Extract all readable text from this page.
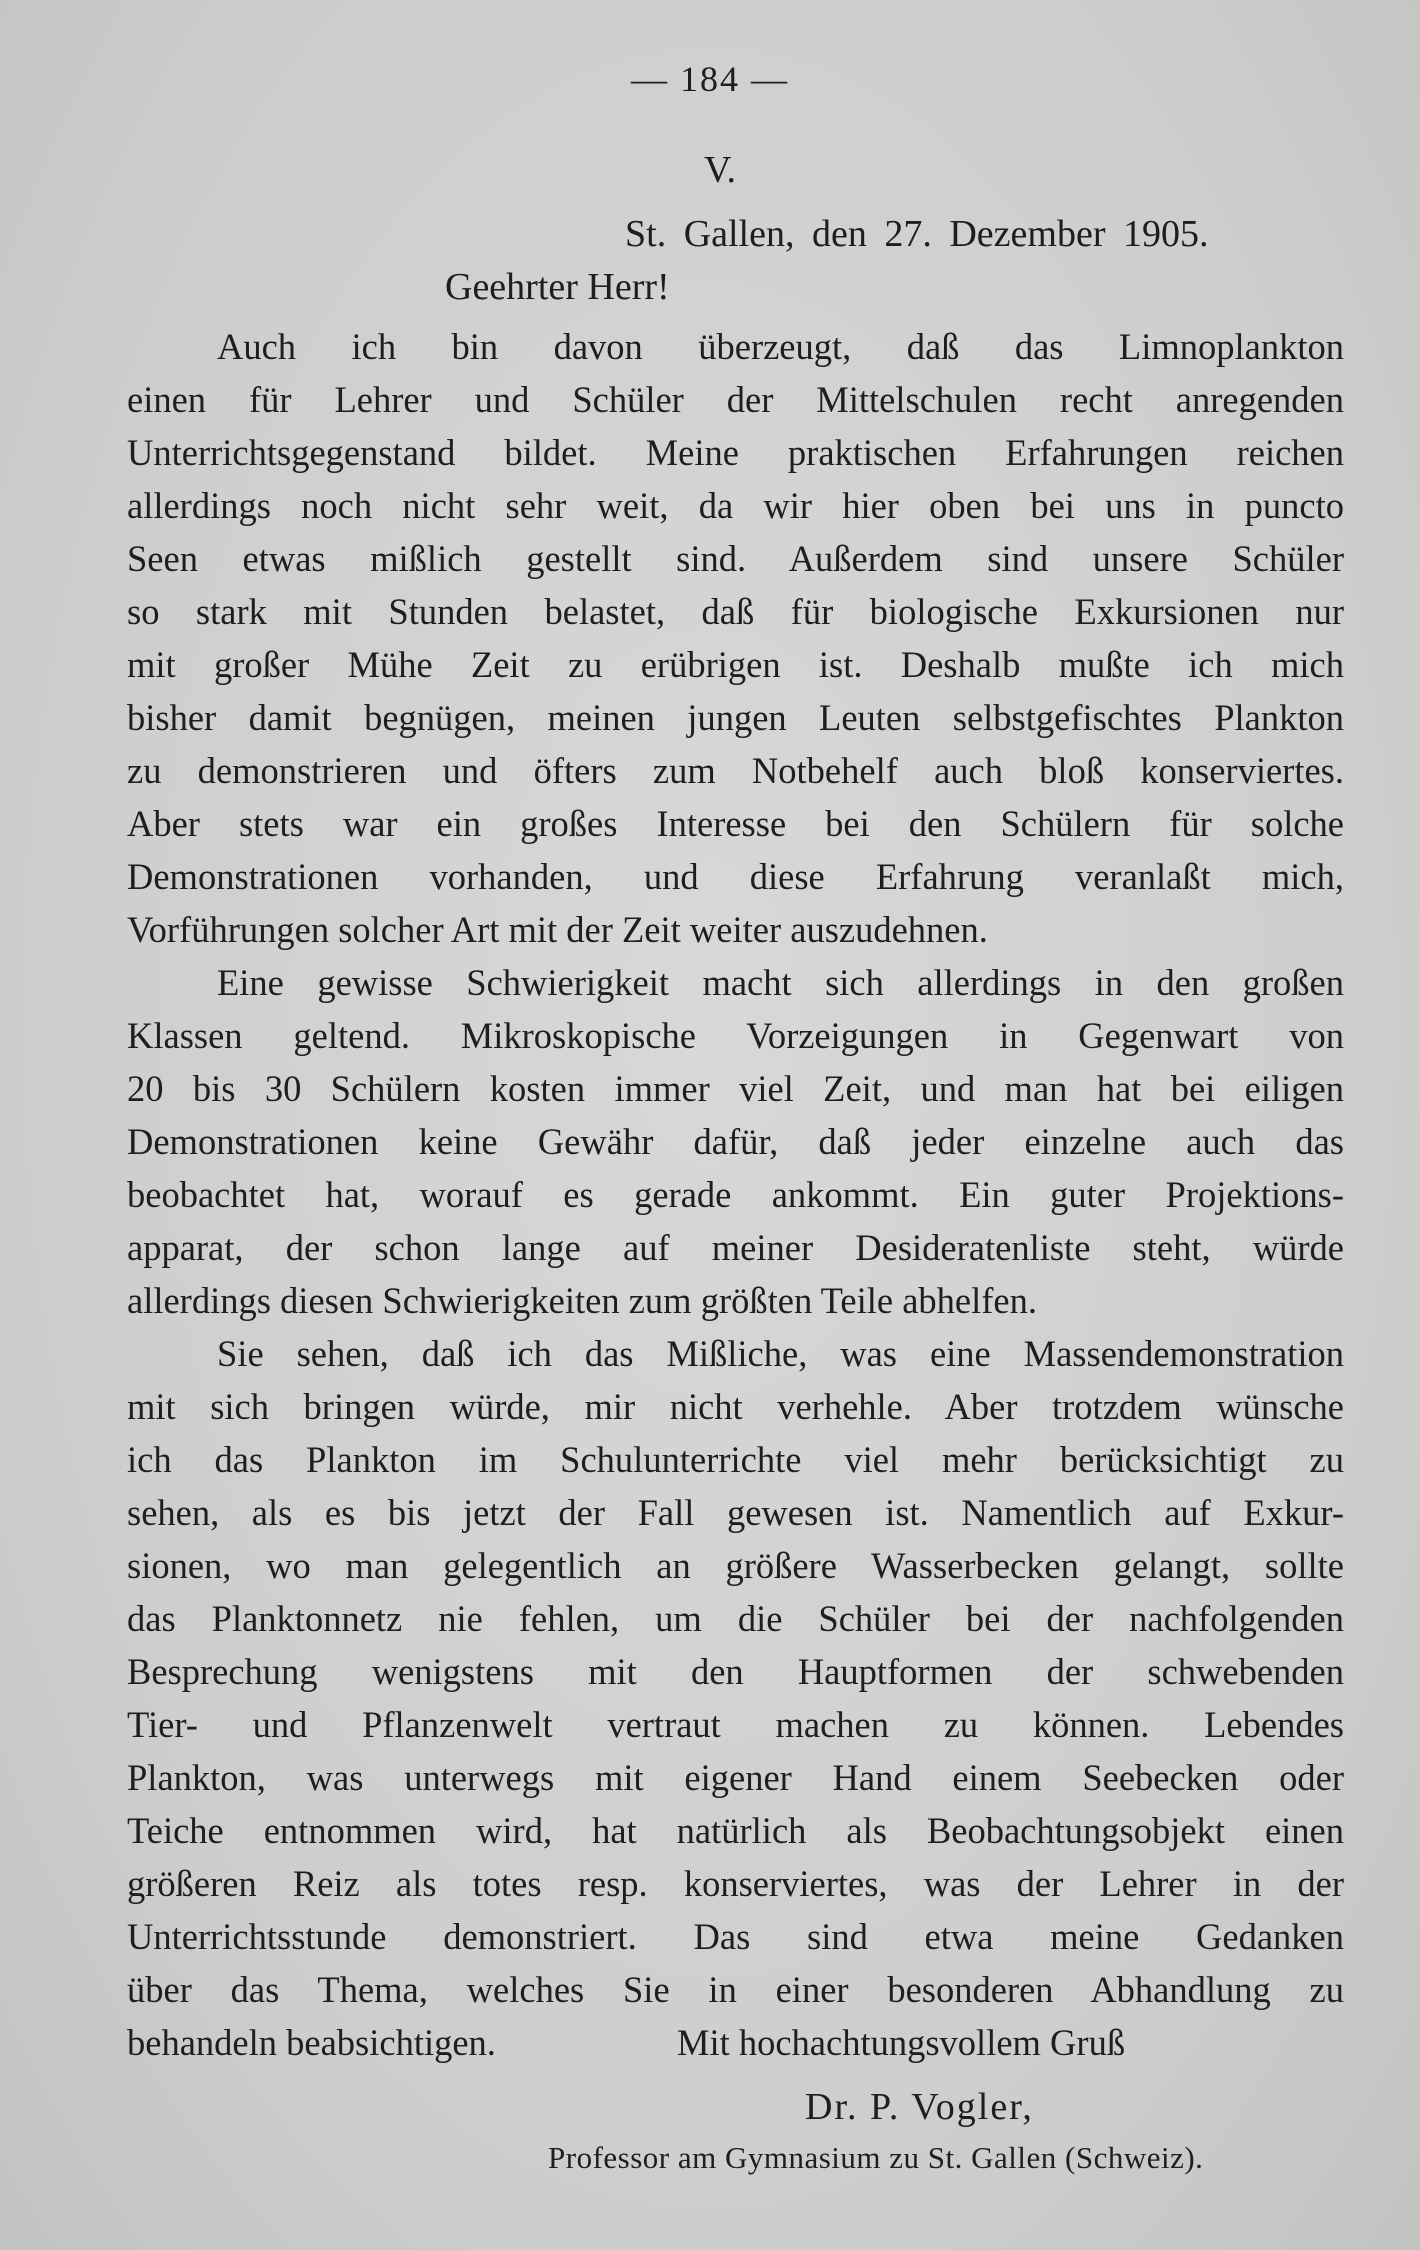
— 184 —
V.
St. Gallen, den 27. Dezember 1905.
Geehrter Herr!
Auch ich bin davon überzeugt, daß das Limnoplankton
einen für Lehrer und Schüler der Mittelschulen recht anregenden
Unterrichtsgegenstand bildet. Meine praktischen Erfahrungen reichen
allerdings noch nicht sehr weit, da wir hier oben bei uns in puncto
Seen etwas mißlich gestellt sind. Außerdem sind unsere Schüler
so stark mit Stunden belastet, daß für biologische Exkursionen nur
mit großer Mühe Zeit zu erübrigen ist. Deshalb mußte ich mich
bisher damit begnügen, meinen jungen Leuten selbstgefischtes Plankton
zu demonstrieren und öfters zum Notbehelf auch bloß konserviertes.
Aber stets war ein großes Interesse bei den Schülern für solche
Demonstrationen vorhanden, und diese Erfahrung veranlaßt mich,
Vorführungen solcher Art mit der Zeit weiter auszudehnen.
Eine gewisse Schwierigkeit macht sich allerdings in den großen
Klassen geltend. Mikroskopische Vorzeigungen in Gegenwart von
20 bis 30 Schülern kosten immer viel Zeit, und man hat bei eiligen
Demonstrationen keine Gewähr dafür, daß jeder einzelne auch das
beobachtet hat, worauf es gerade ankommt. Ein guter Projektions-
apparat, der schon lange auf meiner Desideratenliste steht, würde
allerdings diesen Schwierigkeiten zum größten Teile abhelfen.
Sie sehen, daß ich das Mißliche, was eine Massendemonstration
mit sich bringen würde, mir nicht verhehle. Aber trotzdem wünsche
ich das Plankton im Schulunterrichte viel mehr berücksichtigt zu
sehen, als es bis jetzt der Fall gewesen ist. Namentlich auf Exkur-
sionen, wo man gelegentlich an größere Wasserbecken gelangt, sollte
das Planktonnetz nie fehlen, um die Schüler bei der nachfolgenden
Besprechung wenigstens mit den Hauptformen der schwebenden
Tier- und Pflanzenwelt vertraut machen zu können. Lebendes
Plankton, was unterwegs mit eigener Hand einem Seebecken oder
Teiche entnommen wird, hat natürlich als Beobachtungsobjekt einen
größeren Reiz als totes resp. konserviertes, was der Lehrer in der
Unterrichtsstunde demonstriert. Das sind etwa meine Gedanken
über das Thema, welches Sie in einer besonderen Abhandlung zu
behandeln beabsichtigen.	Mit hochachtungsvollem Gruß
Dr. P. Vogler,
Professor am Gymnasium zu St. Gallen (Schweiz).
